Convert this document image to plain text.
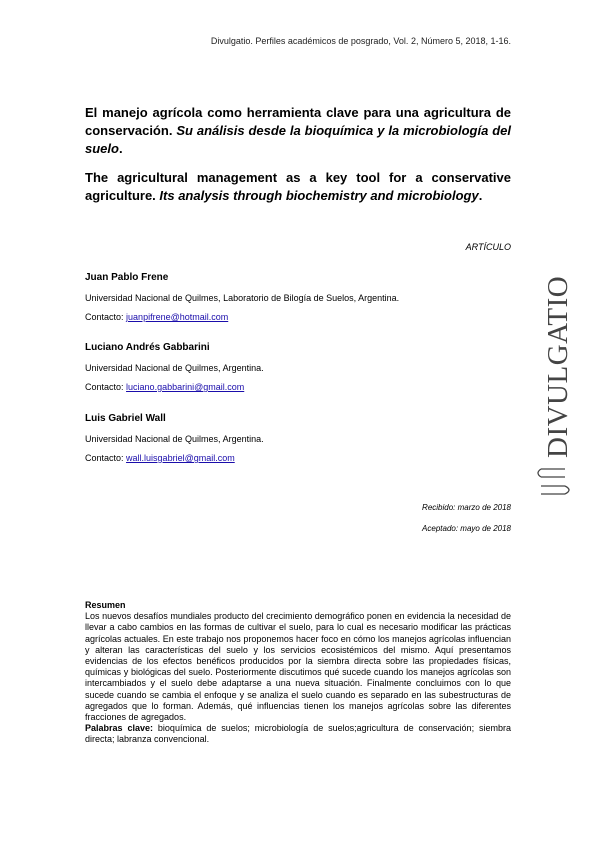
Divulgatio. Perfiles académicos de posgrado, Vol. 2, Número 5, 2018, 1-16.

El manejo agrícola como herramienta clave para una agricultura de conservación. Su análisis desde la bioquímica y la microbiología del suelo.

The agricultural management as a key tool for a conservative agriculture. Its analysis through biochemistry and microbiology.

ARTÍCULO
Juan Pablo Frene
Universidad Nacional de Quilmes, Laboratorio de Bilogía de Suelos, Argentina.
Contacto: juanpifrene@hotmail.com
Luciano Andrés Gabbarini
Universidad Nacional de Quilmes, Argentina.
Contacto: luciano.gabbarini@gmail.com
Luis Gabriel Wall
Universidad Nacional de Quilmes, Argentina.
Contacto: wall.luisgabriel@gmail.com
Recibido: marzo de 2018
Aceptado: mayo de 2018
Resumen

Los nuevos desafíos mundiales producto del crecimiento demográfico ponen en evidencia la necesidad de llevar a cabo cambios en las formas de cultivar el suelo, para lo cual es necesario modificar las prácticas agrícolas actuales. En este trabajo nos proponemos hacer foco en cómo los manejos agrícolas influencian y alteran las características del suelo y los servicios ecosistémicos del mismo. Aquí presentamos evidencias de los efectos benéficos producidos por la siembra directa sobre las propiedades físicas, químicas y biológicas del suelo. Posteriormente discutimos qué sucede cuando los manejos agrícolas son intercambiados y el suelo debe adaptarse a una nueva situación. Finalmente concluimos con lo que sucede cuando se cambia el enfoque y se analiza el suelo cuando es separado en las subestructuras de agregados que lo forman. Además, qué influencias tienen los manejos agrícolas sobre las diferentes fracciones de agregados.

Palabras clave: bioquímica de suelos; microbiología de suelos;agricultura de conservación; siembra directa; labranza convencional.

DIVULGATIO
